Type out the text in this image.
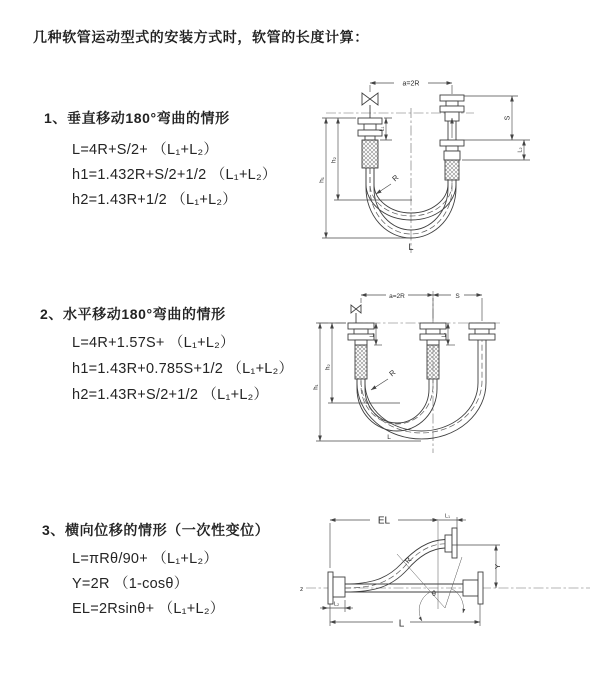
几种软管运动型式的安装方式时，软管的长度计算：
1、垂直移动180°弯曲的情形
L=4R+S/2+ （L₁+L₂）
h1=1.432R+S/2+1/2 （L₁+L₂）
h2=1.43R+1/2 （L₁+L₂）
2、水平移动180°弯曲的情形
L=4R+1.57S+ （L₁+L₂）
h1=1.43R+0.785S+1/2 （L₁+L₂）
h2=1.43R+S/2+1/2 （L₁+L₂）
3、横向位移的情形（一次性变位）
L=πRθ/90+ （L₁+L₂）
Y=2R （1-cosθ）
EL=2Rsinθ+ （L₁+L₂）
a=2R
S
L₂
h₁
h₂
L₁
R
L
a=2R	S
h₁
h₂
L₁	L₂
R
L
EL	L₁
Y
R
θ
L
L₂
z
